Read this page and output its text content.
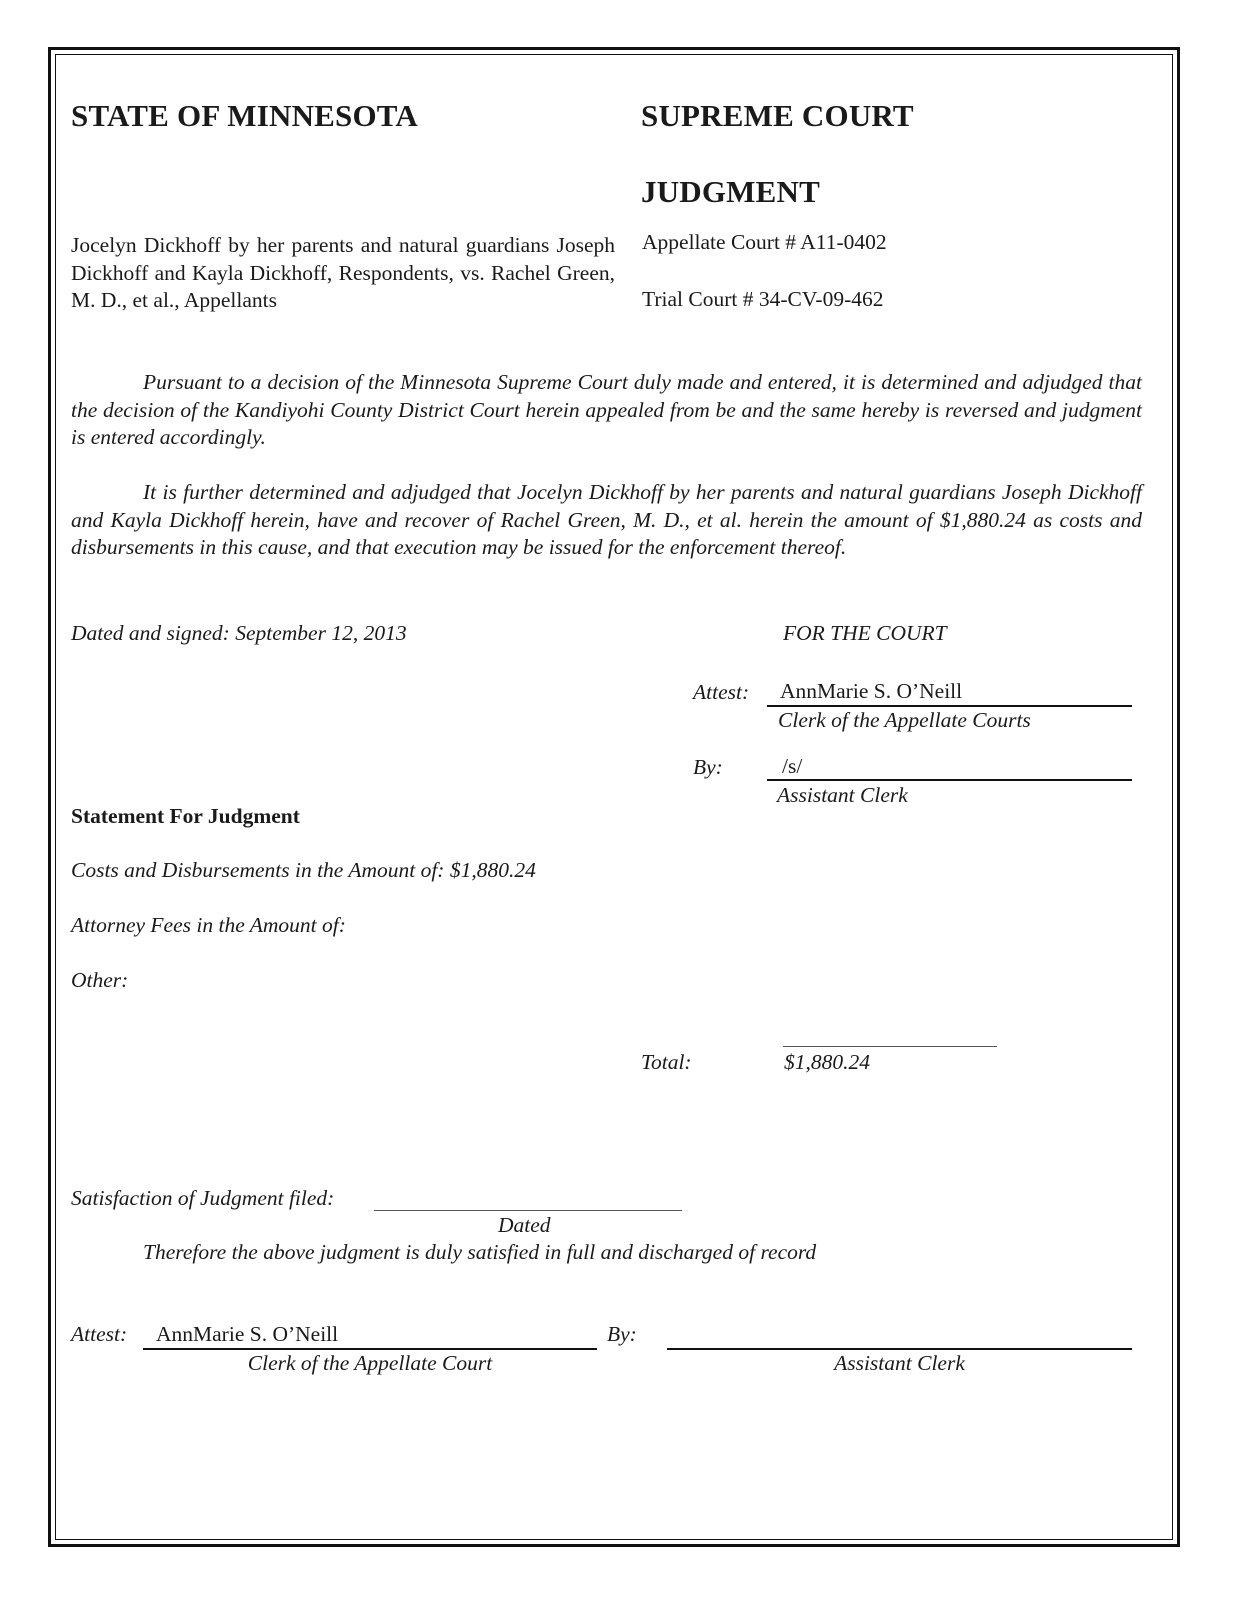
STATE OF MINNESOTA	SUPREME COURT
JUDGMENT

Jocelyn Dickhoff by her parents and natural guardians Joseph Dickhoff and Kayla Dickhoff, Respondents, vs. Rachel Green, M. D., et al., Appellants

Appellate Court # A11-0402
Trial Court # 34-CV-09-462

Pursuant to a decision of the Minnesota Supreme Court duly made and entered, it is determined and adjudged that the decision of the Kandiyohi County District Court herein appealed from be and the same hereby is reversed and judgment is entered accordingly.

It is further determined and adjudged that Jocelyn Dickhoff by her parents and natural guardians Joseph Dickhoff and Kayla Dickhoff herein, have and recover of Rachel Green, M. D., et al. herein the amount of $1,880.24 as costs and disbursements in this cause, and that execution may be issued for the enforcement thereof.

Dated and signed: September 12, 2013	FOR THE COURT
Attest: AnnMarie S. O’Neill
Clerk of the Appellate Courts
By:	/s/
Assistant Clerk
Statement For Judgment
Costs and Disbursements in the Amount of: $1,880.24
Attorney Fees in the Amount of:
Other:
Total:	$1,880.24
Satisfaction of Judgment filed:
Dated
Therefore the above judgment is duly satisfied in full and discharged of record
Attest: AnnMarie S. O’Neill
Clerk of the Appellate Court
By:
Assistant Clerk
